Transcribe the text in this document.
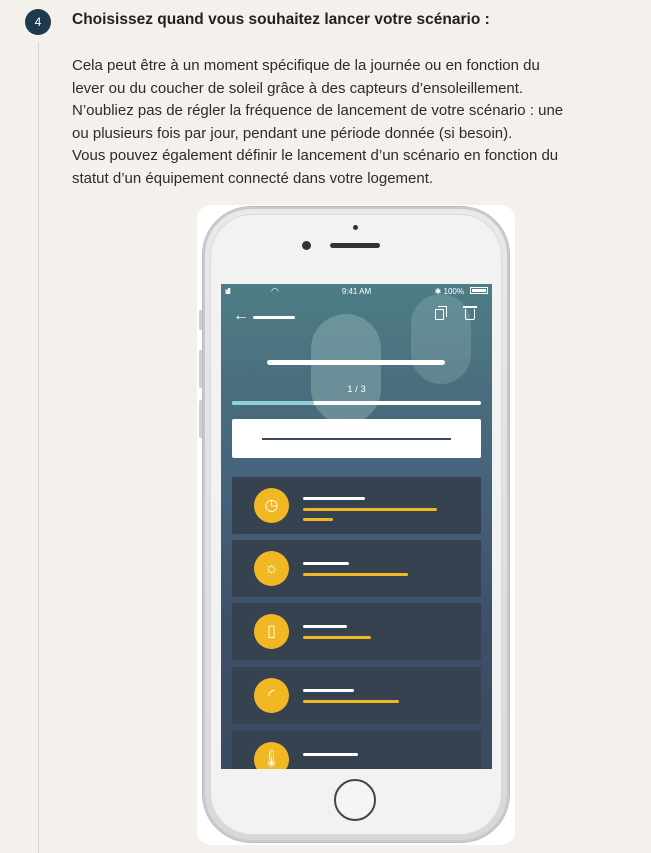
4	Choisissez quand vous souhaitez lancer votre scénario :
Cela peut être à un moment spécifique de la journée ou en fonction du
lever ou du coucher de soleil grâce à des capteurs d’ensoleillement.
N’oubliez pas de régler la fréquence de lancement de votre scénario : une
ou plusieurs fois par jour, pendant une période donnée (si besoin).
Vous pouvez également définir le lancement d’un scénario en fonction du
statut d’un équipement connecté dans votre logement.
ııll	◠	9:41 AM	✱ 100%
←
1 / 3
◷
☼
▯
◜
🌡
